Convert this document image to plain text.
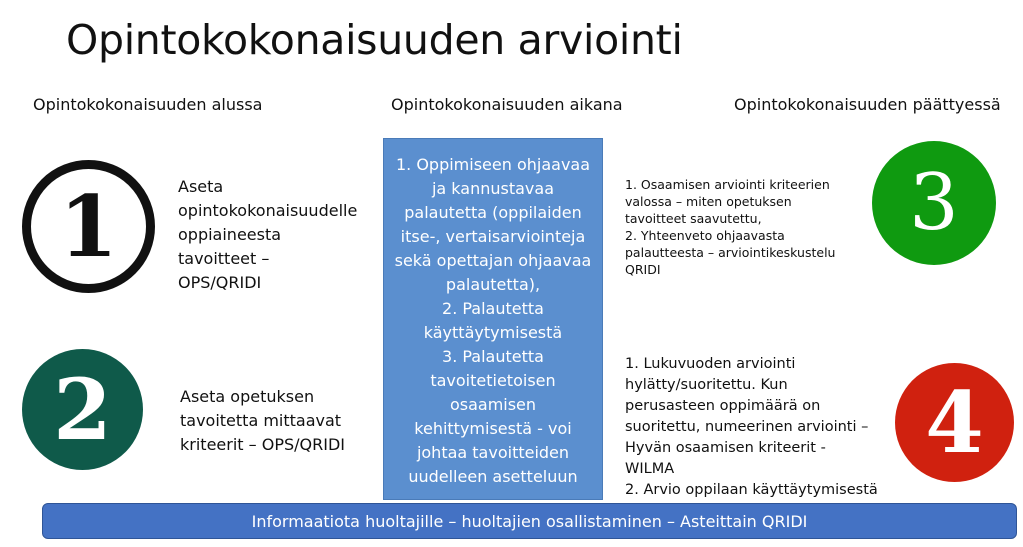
Opintokokonaisuuden arviointi
Opintokokonaisuuden alussa	Opintokokonaisuuden aikana	Opintokokonaisuuden päättyessä
1	Aseta
opintokokonaisuudelle
oppiaineesta
tavoitteet –
OPS/QRIDI
2	Aseta opetuksen
tavoitetta mittaavat
kriteerit – OPS/QRIDI
1. Oppimiseen ohjaavaa
ja kannustavaa
palautetta (oppilaiden
itse-, vertaisarviointeja
sekä opettajan ohjaavaa
palautetta),
2. Palautetta
käyttäytymisestä
3. Palautetta
tavoitetietoisen
osaamisen
kehittymisestä - voi
johtaa tavoitteiden
uudelleen asetteluun
1. Osaamisen arviointi kriteerien
valossa – miten opetuksen
tavoitteet saavutettu,
2. Yhteenveto ohjaavasta
palautteesta – arviointikeskustelu
QRIDI
3
1. Lukuvuoden arviointi
hylätty/suoritettu. Kun
perusasteen oppimäärä on
suoritettu, numeerinen arviointi –
Hyvän osaamisen kriteerit -
WILMA
2. Arvio oppilaan käyttäytymisestä
4
Informaatiota huoltajille – huoltajien osallistaminen – Asteittain QRIDI
